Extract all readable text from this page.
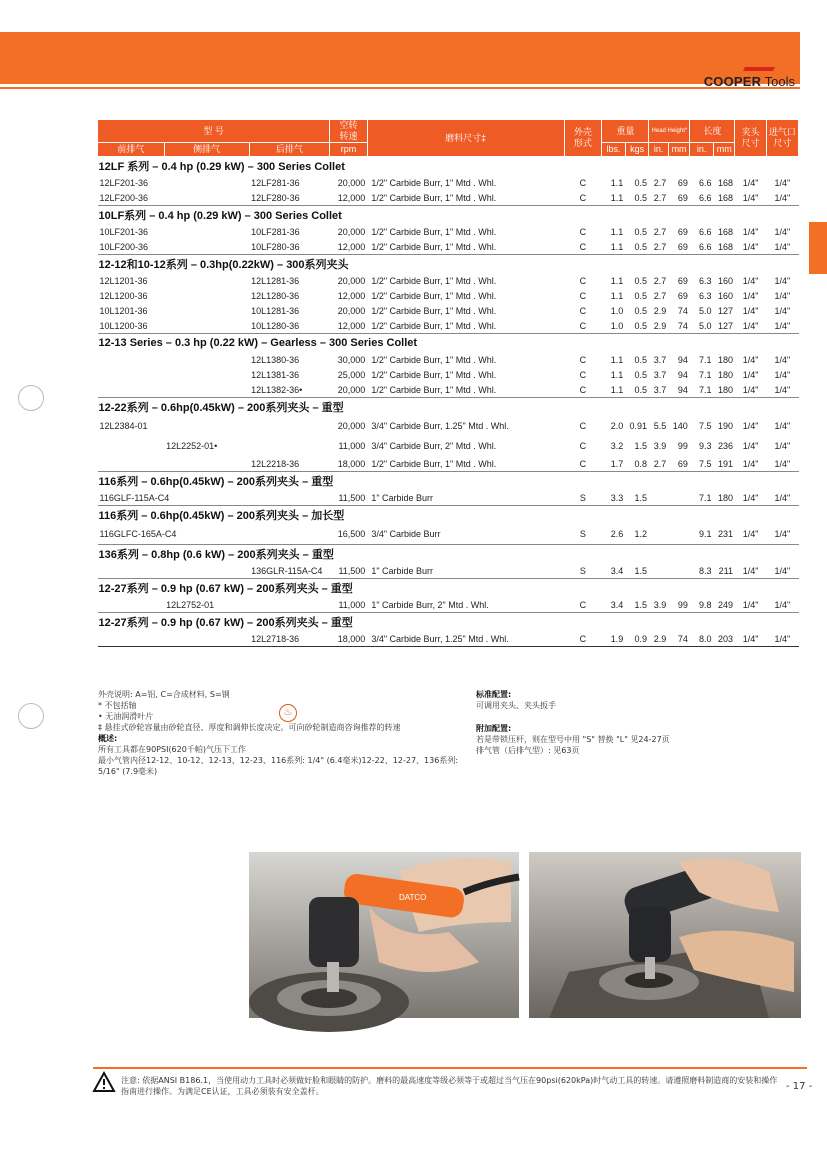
COOPER Tools
型 号			空转
转速	磨料尺寸‡	外壳
形式	重量		Head Height*		长度		夹头
尺寸	进气口
尺寸
前排气	侧排气	后排气	rpm			lbs.	kgs	in.	mm	in.	mm		
12LF 系列 – 0.4 hp (0.29 kW) – 300 Series Collet													
12LF201-36		12LF281-36	20,000	1/2" Carbide Burr, 1" Mtd . Whl.	C	1.1	0.5	2.7	69	6.6	168	1/4"	1/4"
12LF200-36		12LF280-36	12,000	1/2" Carbide Burr, 1" Mtd . Whl.	C	1.1	0.5	2.7	69	6.6	168	1/4"	1/4"
10LF系列 – 0.4 hp (0.29 kW) – 300 Series Collet													
10LF201-36		10LF281-36	20,000	1/2" Carbide Burr, 1" Mtd . Whl.	C	1.1	0.5	2.7	69	6.6	168	1/4"	1/4"
10LF200-36		10LF280-36	12,000	1/2" Carbide Burr, 1" Mtd . Whl.	C	1.1	0.5	2.7	69	6.6	168	1/4"	1/4"
12-12和10-12系列 – 0.3hp(0.22kW) – 300系列夹头													
12L1201-36		12L1281-36	20,000	1/2" Carbide Burr, 1" Mtd . Whl.	C	1.1	0.5	2.7	69	6.3	160	1/4"	1/4"
12L1200-36		12L1280-36	12,000	1/2" Carbide Burr, 1" Mtd . Whl.	C	1.1	0.5	2.7	69	6.3	160	1/4"	1/4"
10L1201-36		10L1281-36	20,000	1/2" Carbide Burr, 1" Mtd . Whl.	C	1.0	0.5	2.9	74	5.0	127	1/4"	1/4"
10L1200-36		10L1280-36	12,000	1/2" Carbide Burr, 1" Mtd . Whl.	C	1.0	0.5	2.9	74	5.0	127	1/4"	1/4"
12-13 Series – 0.3 hp (0.22 kW) – Gearless – 300 Series Collet													
		12L1380-36	30,000	1/2" Carbide Burr, 1" Mtd . Whl.	C	1.1	0.5	3.7	94	7.1	180	1/4"	1/4"
		12L1381-36	25,000	1/2" Carbide Burr, 1" Mtd . Whl.	C	1.1	0.5	3.7	94	7.1	180	1/4"	1/4"
		12L1382-36•	20,000	1/2" Carbide Burr, 1" Mtd . Whl.	C	1.1	0.5	3.7	94	7.1	180	1/4"	1/4"
12-22系列 – 0.6hp(0.45kW) – 200系列夹头 – 重型													
12L2384-01			20,000	3/4" Carbide Burr, 1.25" Mtd . Whl.	C	2.0	0.91	5.5	140	7.5	190	1/4"	1/4"
	12L2252-01•		11,000	3/4" Carbide Burr, 2" Mtd . Whl.	C	3.2	1.5	3.9	99	9.3	236	1/4"	1/4"
		12L2218-36	18,000	1/2" Carbide Burr, 1" Mtd . Whl.	C	1.7	0.8	2.7	69	7.5	191	1/4"	1/4"
116系列 – 0.6hp(0.45kW) – 200系列夹头 – 重型													
116GLF-115A-C4			11,500	1" Carbide Burr	S	3.3	1.5			7.1	180	1/4"	1/4"
116系列 – 0.6hp(0.45kW) – 200系列夹头 – 加长型													
116GLFC-165A-C4			16,500	3/4" Carbide Burr	S	2.6	1.2			9.1	231	1/4"	1/4"
136系列 – 0.8hp (0.6 kW) – 200系列夹头 – 重型													
		136GLR-115A-C4	11,500	1" Carbide Burr	S	3.4	1.5			8.3	211	1/4"	1/4"
12-27系列 – 0.9 hp (0.67 kW) – 200系列夹头 – 重型													
	12L2752-01		11,000	1" Carbide Burr, 2" Mtd . Whl.	C	3.4	1.5	3.9	99	9.8	249	1/4"	1/4"
12-27系列 – 0.9 hp (0.67 kW) – 200系列夹头 – 重型													
		12L2718-36	18,000	3/4" Carbide Burr, 1.25" Mtd . Whl.	C	1.9	0.9	2.9	74	8.0	203	1/4"	1/4"
外壳说明: A=铝, C=合成材料, S=钢
* 不包括轴
• 无油润滑叶片
‡ 悬挂式砂轮容量由砂轮直径、厚度和调伸长度决定。可向砂轮制造商咨询推荐的转速
概述:
所有工具都在90PSI(620千帕)气压下工作
最小气管内径12-12、10-12、12-13、12-23、116系列: 1/4" (6.4毫米)12-22、12-27、136系列: 5/16" (7.9毫米)
♨
标准配置:
可调用夹头、夹头扳手
附加配置:
若是带锁压杆，则在型号中用 "S" 替换 "L" 见24-27页
排气管（后排气型）: 见63页
DATCO
注意: 依据ANSI B186.1，当使用动力工具时必须做好脸和眼睛的防护。磨料的最高速度等级必须等于或超过当气压在90psi(620kPa)时气动工具的转速。请遵照磨料制造商的安装和操作指南进行操作。为满足CE认证，工具必须装有安全盖杆。	- 17 -
